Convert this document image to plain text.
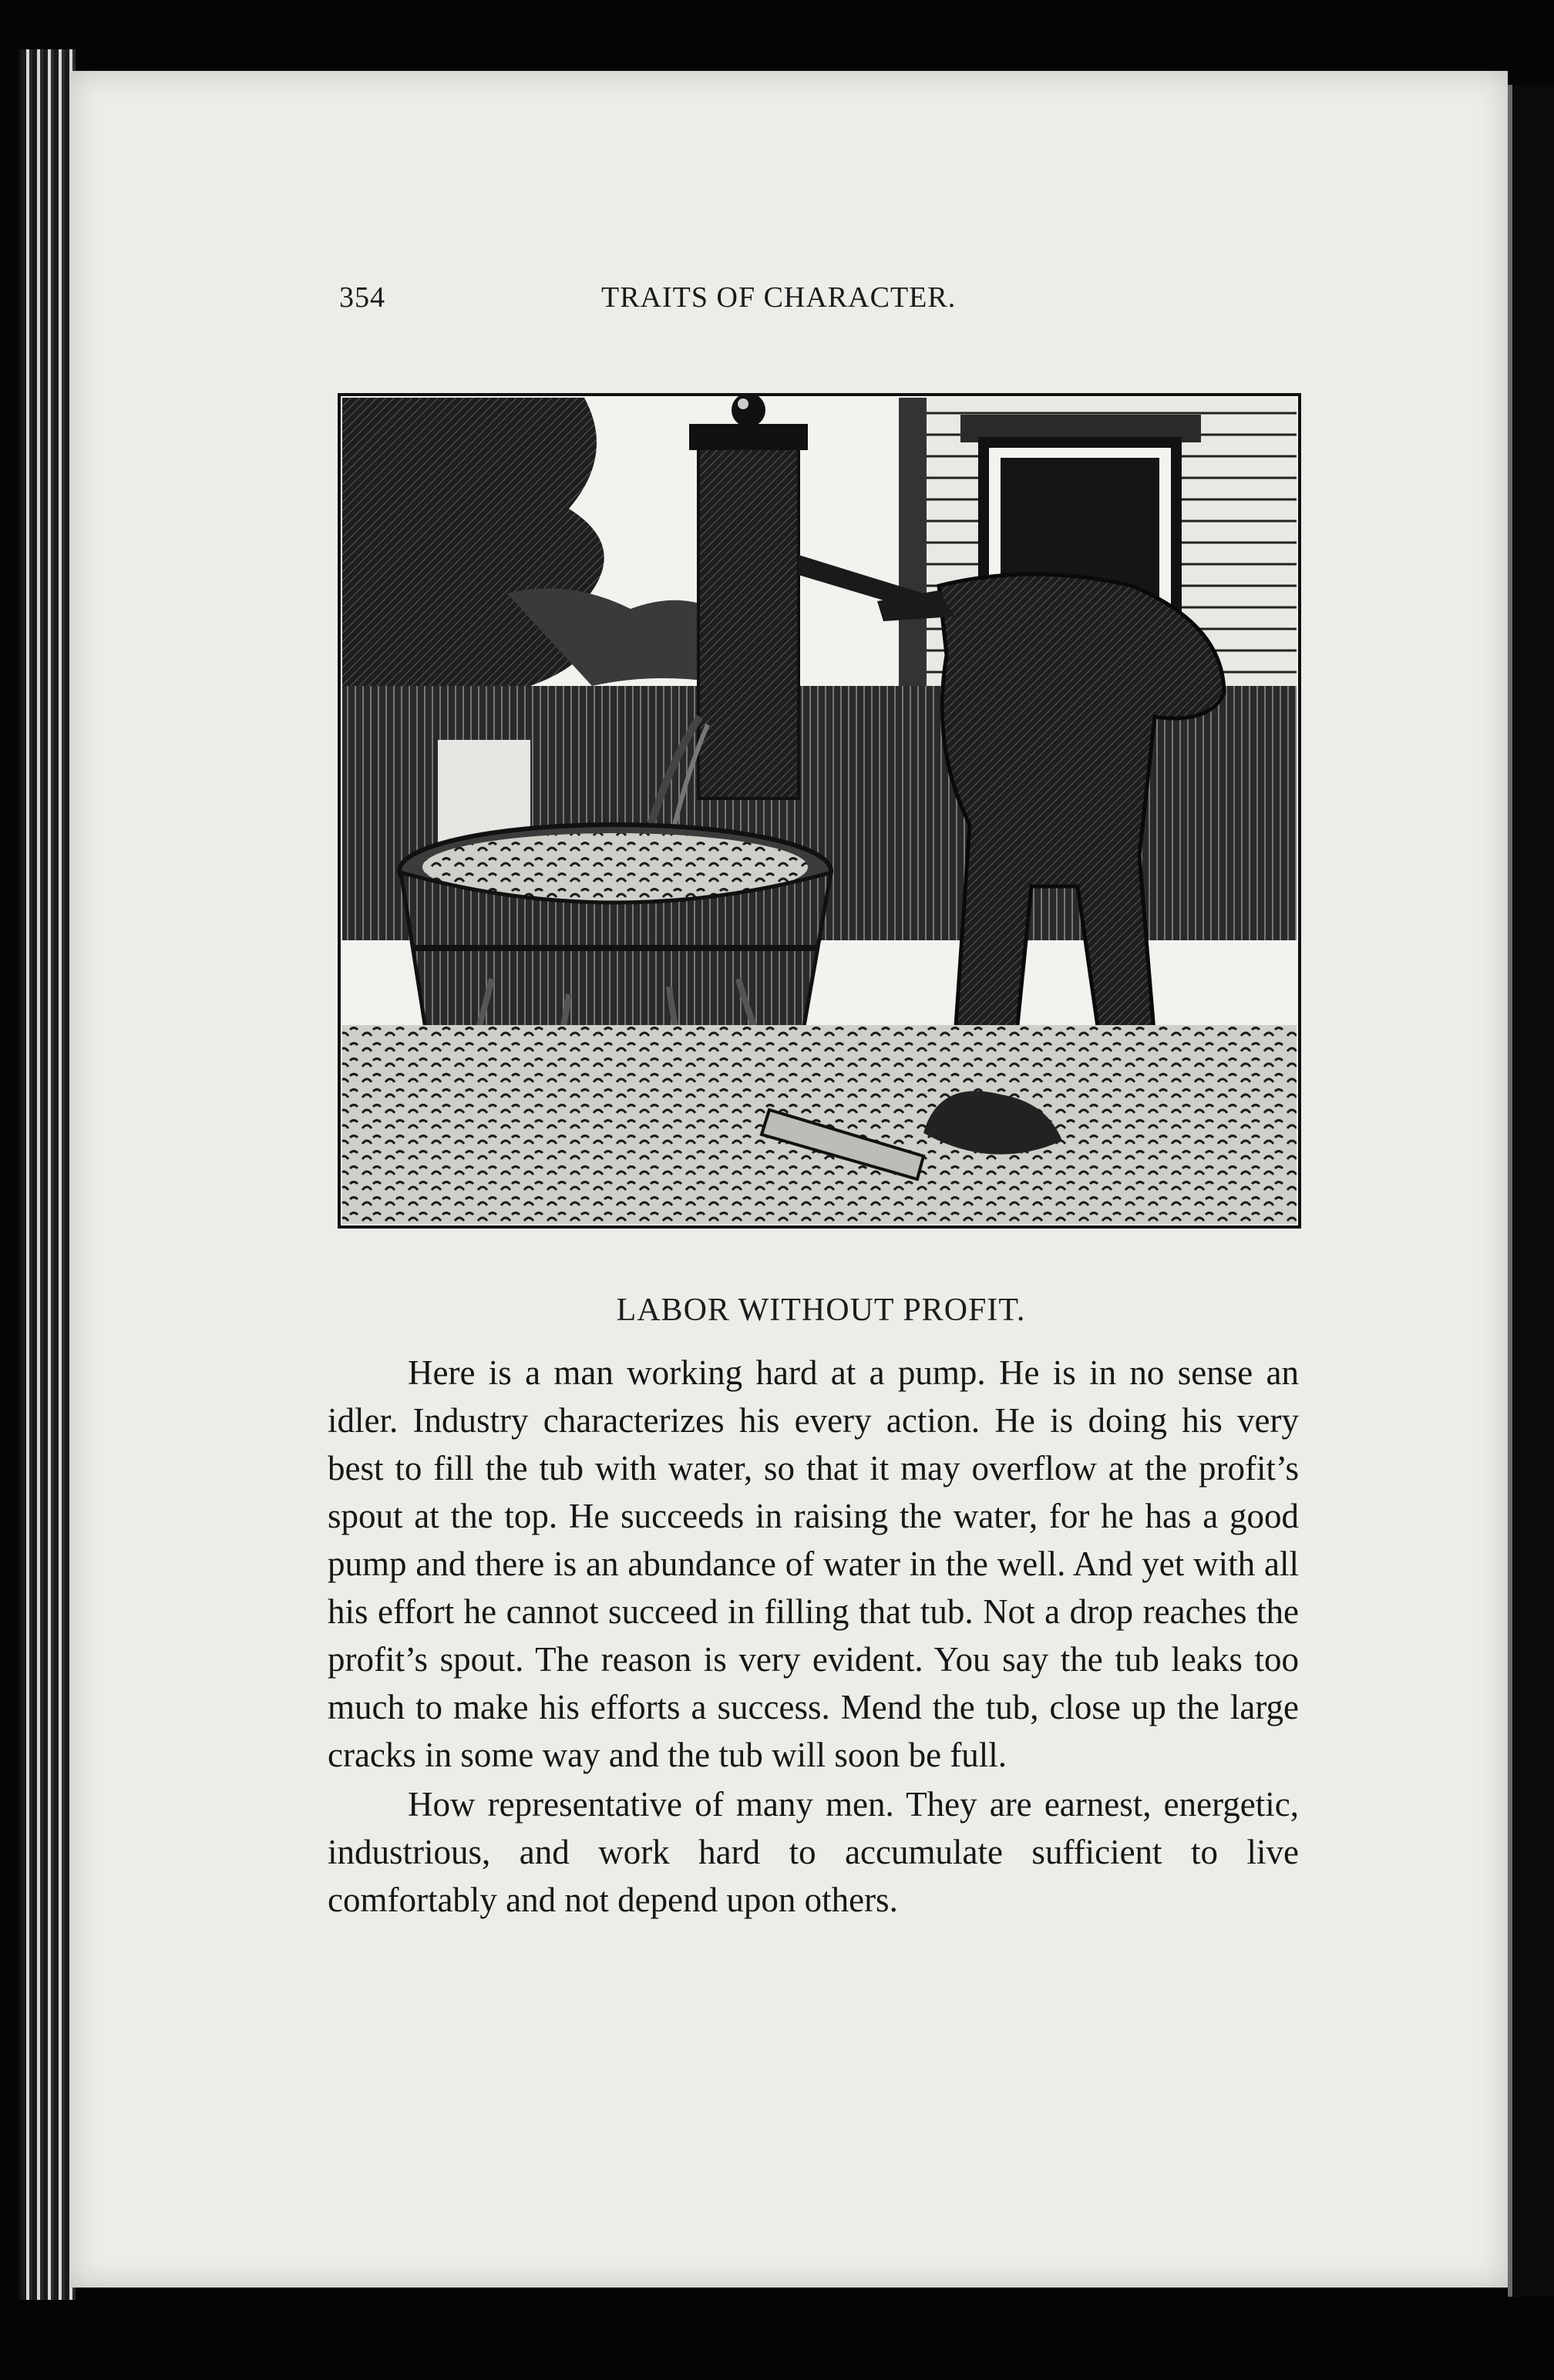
354	TRAITS OF CHARACTER.
LABOR WITHOUT PROFIT.

Here is a man working hard at a pump. He is in no sense an idler. Industry characterizes his every action. He is doing his very best to fill the tub with water, so that it may overflow at the profit’s spout at the top. He succeeds in raising the water, for he has a good pump and there is an abundance of water in the well. And yet with all his effort he cannot succeed in filling that tub. Not a drop reaches the profit’s spout. The reason is very evident. You say the tub leaks too much to make his efforts a success. Mend the tub, close up the large cracks in some way and the tub will soon be full.

How representative of many men. They are earnest, energetic, industrious, and work hard to accumulate sufficient to live comfortably and not depend upon others.
